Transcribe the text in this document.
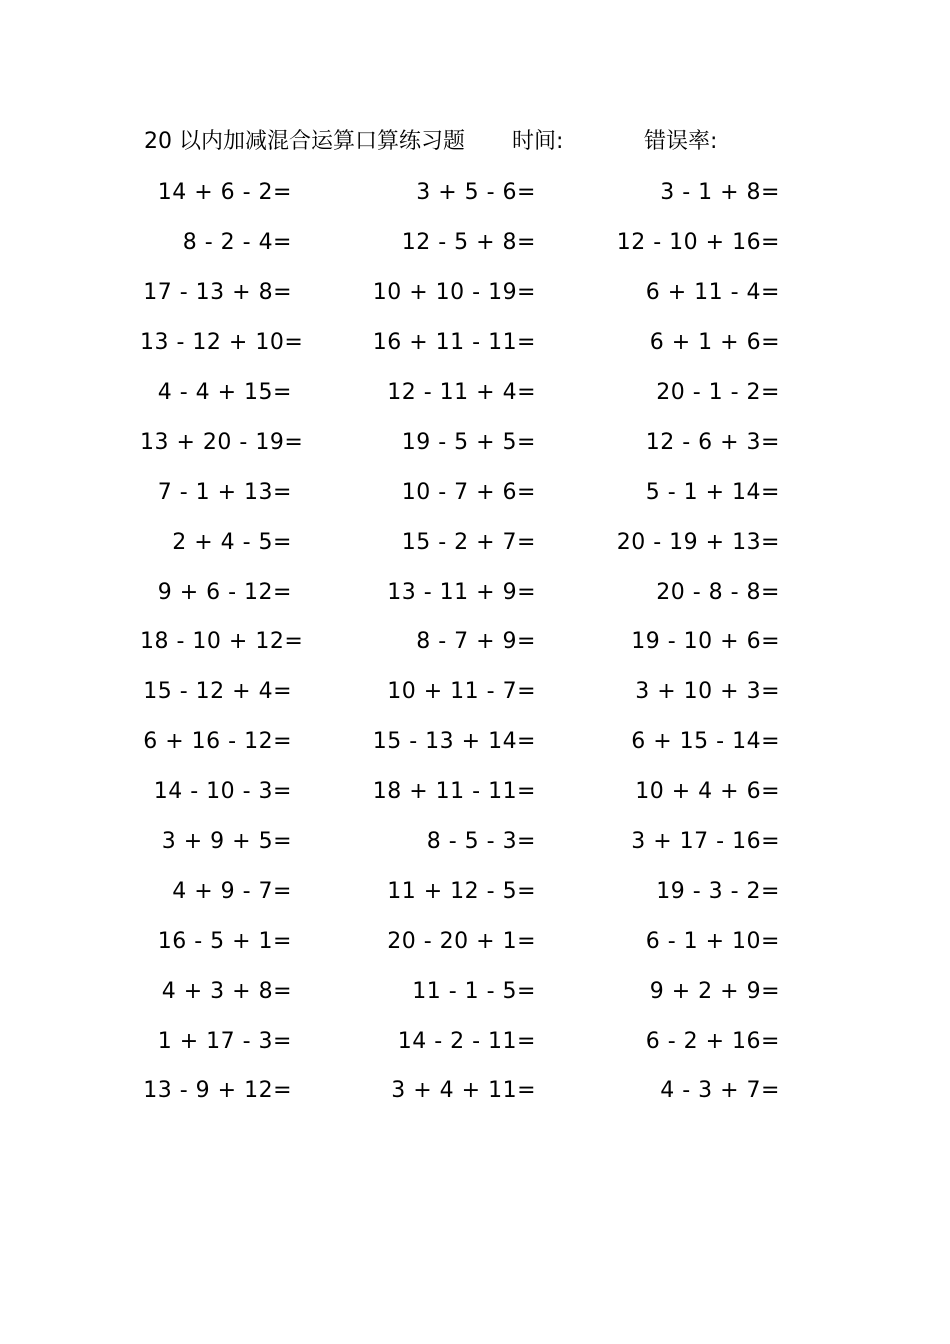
20 以内加减混合运算口算练习题 时间:	错误率:
14 + 6 - 2=	3 + 5 - 6=	3 - 1 + 8=
8 - 2 - 4=	12 - 5 + 8=	12 - 10 + 16=
17 - 13 + 8=	10 + 10 - 19=	6 + 11 - 4=
13 - 12 + 10=	16 + 11 - 11=	6 + 1 + 6=
4 - 4 + 15=	12 - 11 + 4=	20 - 1 - 2=
13 + 20 - 19=	19 - 5 + 5=	12 - 6 + 3=
7 - 1 + 13=	10 - 7 + 6=	5 - 1 + 14=
2 + 4 - 5=	15 - 2 + 7=	20 - 19 + 13=
9 + 6 - 12=	13 - 11 + 9=	20 - 8 - 8=
18 - 10 + 12=	8 - 7 + 9=	19 - 10 + 6=
15 - 12 + 4=	10 + 11 - 7=	3 + 10 + 3=
6 + 16 - 12=	15 - 13 + 14=	6 + 15 - 14=
14 - 10 - 3=	18 + 11 - 11=	10 + 4 + 6=
3 + 9 + 5=	8 - 5 - 3=	3 + 17 - 16=
4 + 9 - 7=	11 + 12 - 5=	19 - 3 - 2=
16 - 5 + 1=	20 - 20 + 1=	6 - 1 + 10=
4 + 3 + 8=	11 - 1 - 5=	9 + 2 + 9=
1 + 17 - 3=	14 - 2 - 11=	6 - 2 + 16=
13 - 9 + 12=	3 + 4 + 11=	4 - 3 + 7=
